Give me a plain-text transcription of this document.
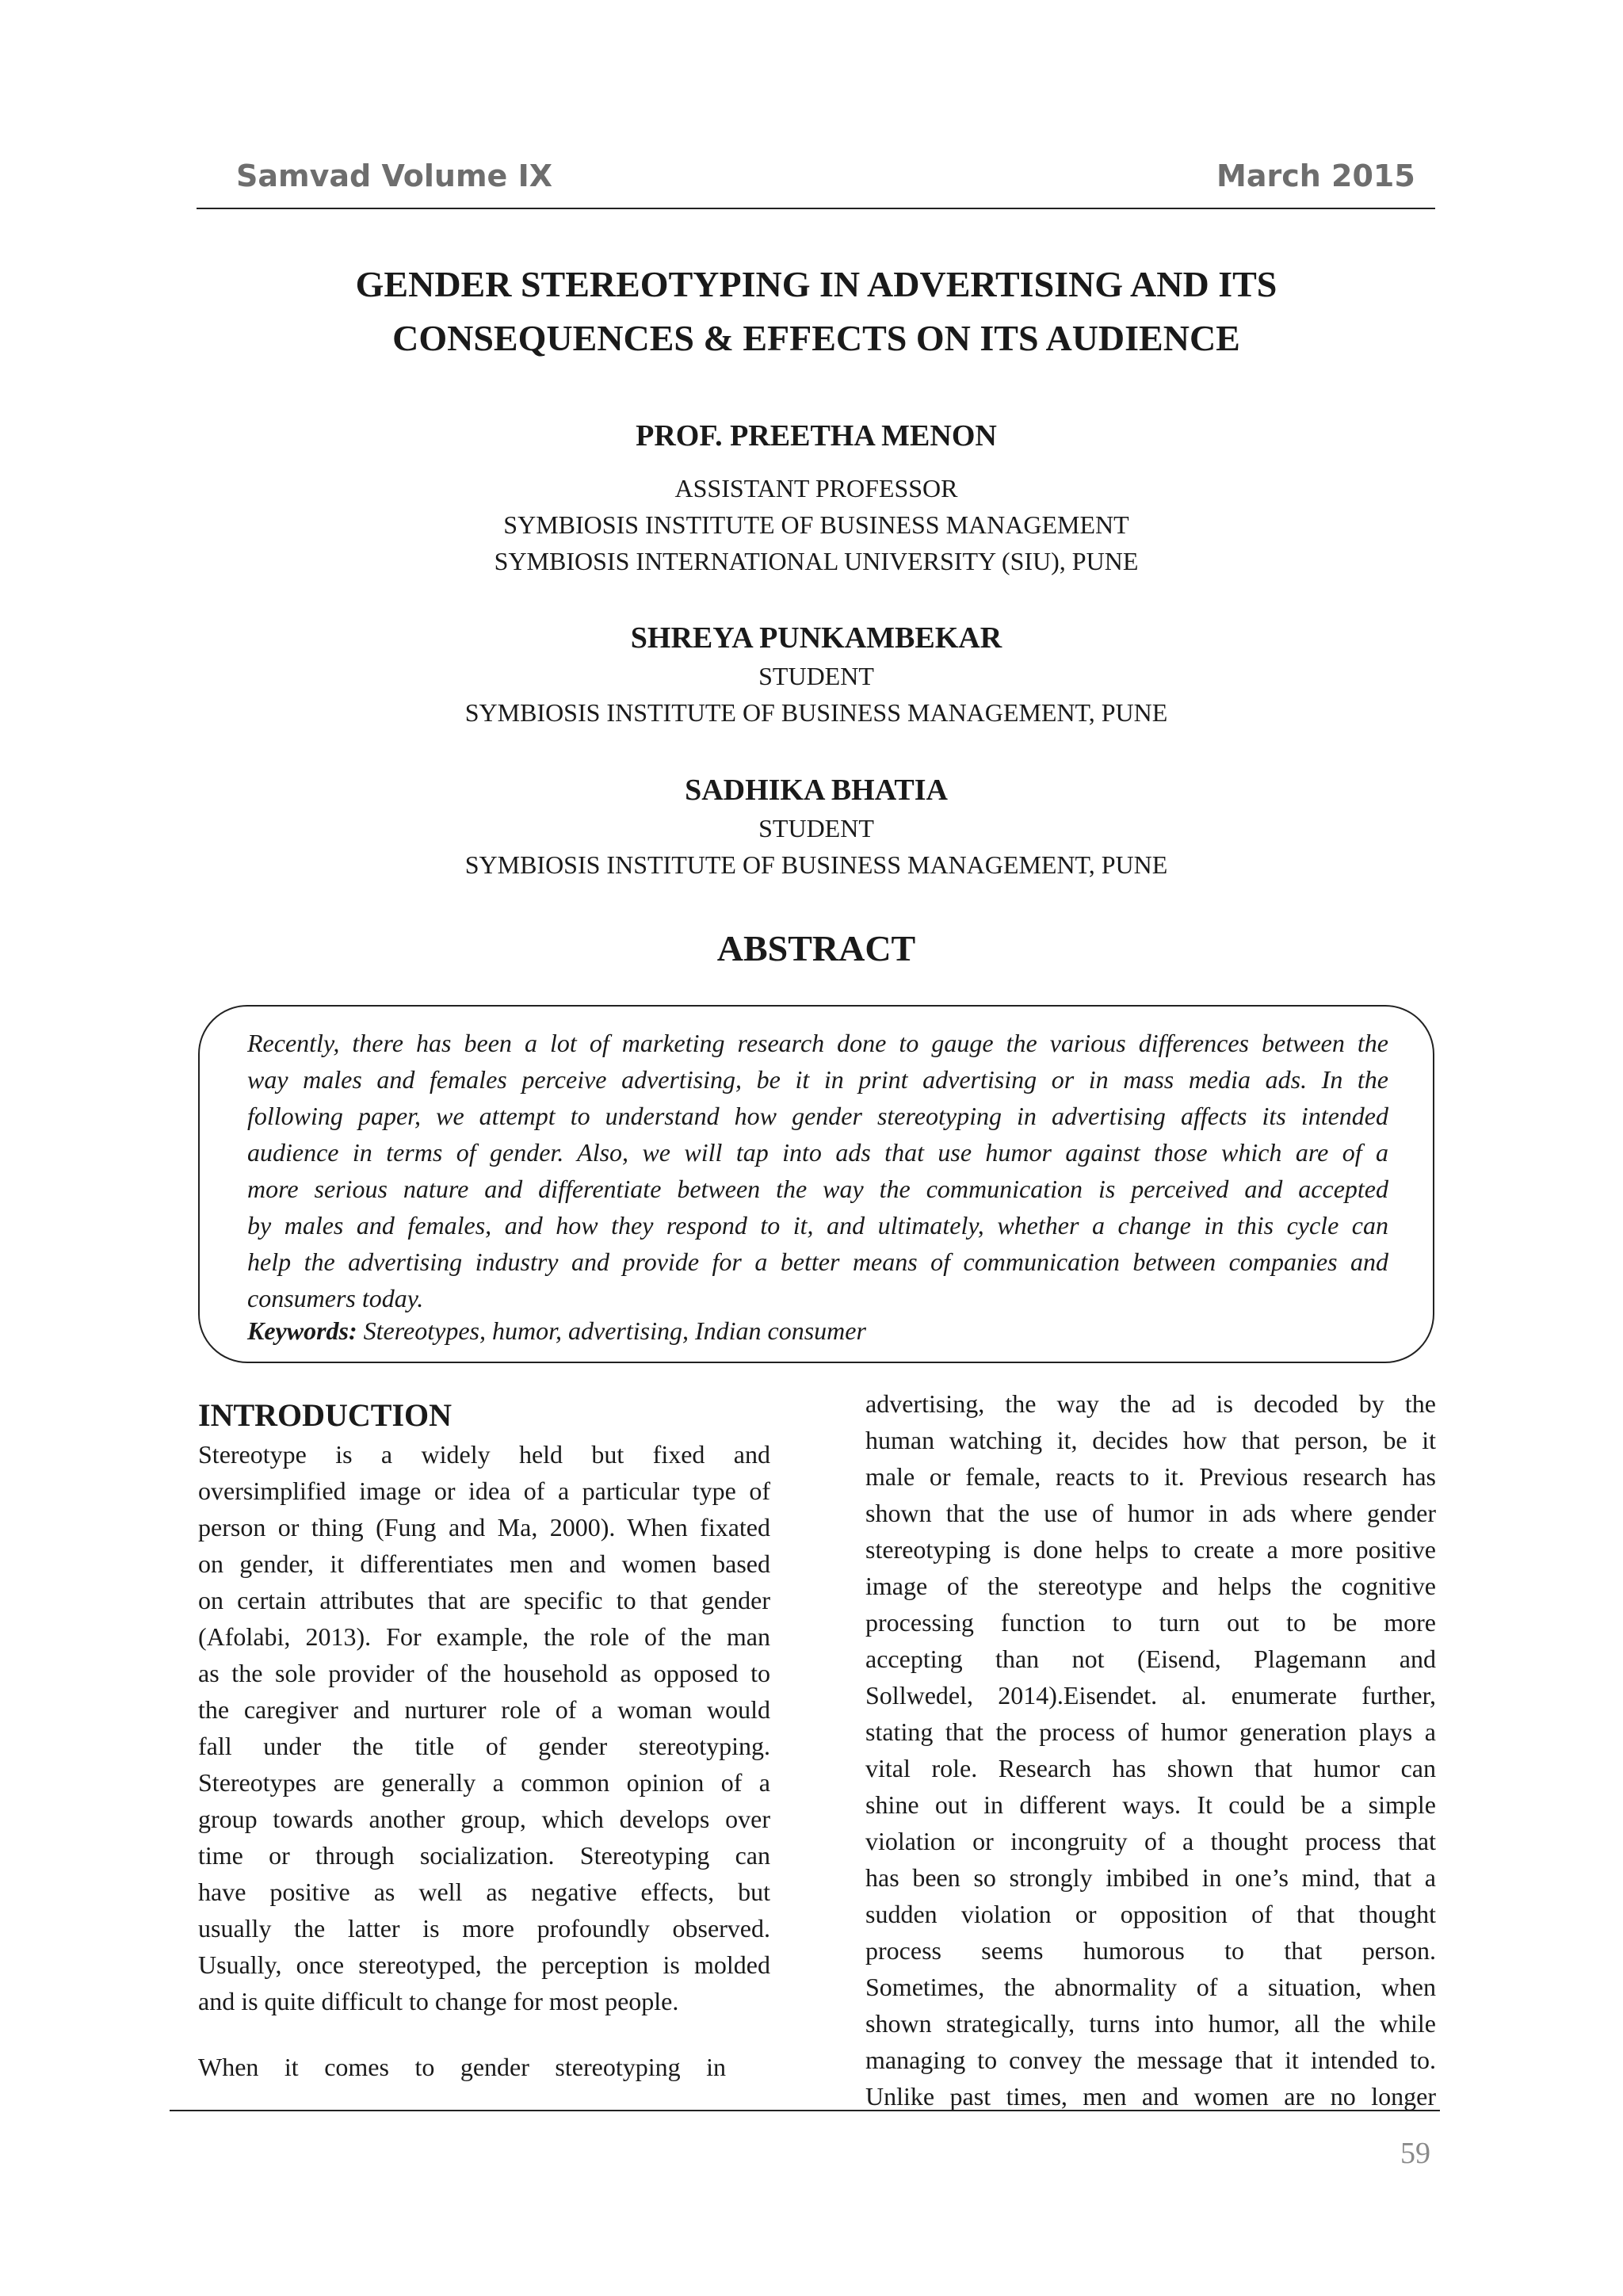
Samvad Volume IX	March 2015
GENDER STEREOTYPING IN ADVERTISING AND ITS
CONSEQUENCES & EFFECTS ON ITS AUDIENCE
PROF. PREETHA MENON
ASSISTANT PROFESSOR
SYMBIOSIS INSTITUTE OF BUSINESS MANAGEMENT
SYMBIOSIS INTERNATIONAL UNIVERSITY (SIU), PUNE
SHREYA PUNKAMBEKAR
STUDENT
SYMBIOSIS INSTITUTE OF BUSINESS MANAGEMENT, PUNE
SADHIKA BHATIA
STUDENT
SYMBIOSIS INSTITUTE OF BUSINESS MANAGEMENT, PUNE
ABSTRACT
Recently, there has been a lot of marketing research done to gauge the various differences between the
way males and females perceive advertising, be it in print advertising or in mass media ads. In the
following paper, we attempt to understand how gender stereotyping in advertising affects its intended
audience in terms of gender. Also, we will tap into ads that use humor against those which are of a
more serious nature and differentiate between the way the communication is perceived and accepted
by males and females, and how they respond to it, and ultimately, whether a change in this cycle can
help the advertising industry and provide for a better means of communication between companies and
consumers today.
Keywords: Stereotypes, humor, advertising, Indian consumer
INTRODUCTION
Stereotype is a widely held but fixed and
oversimplified image or idea of a particular type of
person or thing (Fung and Ma, 2000). When fixated
on gender, it differentiates men and women based
on certain attributes that are specific to that gender
(Afolabi, 2013). For example, the role of the man
as the sole provider of the household as opposed to
the caregiver and nurturer role of a woman would
fall under the title of gender stereotyping.
Stereotypes are generally a common opinion of a
group towards another group, which develops over
time or through socialization. Stereotyping can
have positive as well as negative effects, but
usually the latter is more profoundly observed.
Usually, once stereotyped, the perception is molded
and is quite difficult to change for most people.
When it comes to gender stereotyping in
advertising, the way the ad is decoded by the
human watching it, decides how that person, be it
male or female, reacts to it. Previous research has
shown that the use of humor in ads where gender
stereotyping is done helps to create a more positive
image of the stereotype and helps the cognitive
processing function to turn out to be more
accepting than not (Eisend, Plagemann and
Sollwedel, 2014).Eisendet. al. enumerate further,
stating that the process of humor generation plays a
vital role. Research has shown that humor can
shine out in different ways. It could be a simple
violation or incongruity of a thought process that
has been so strongly imbibed in one’s mind, that a
sudden violation or opposition of that thought
process seems humorous to that person.
Sometimes, the abnormality of a situation, when
shown strategically, turns into humor, all the while
managing to convey the message that it intended to.
Unlike past times, men and women are no longer
59
